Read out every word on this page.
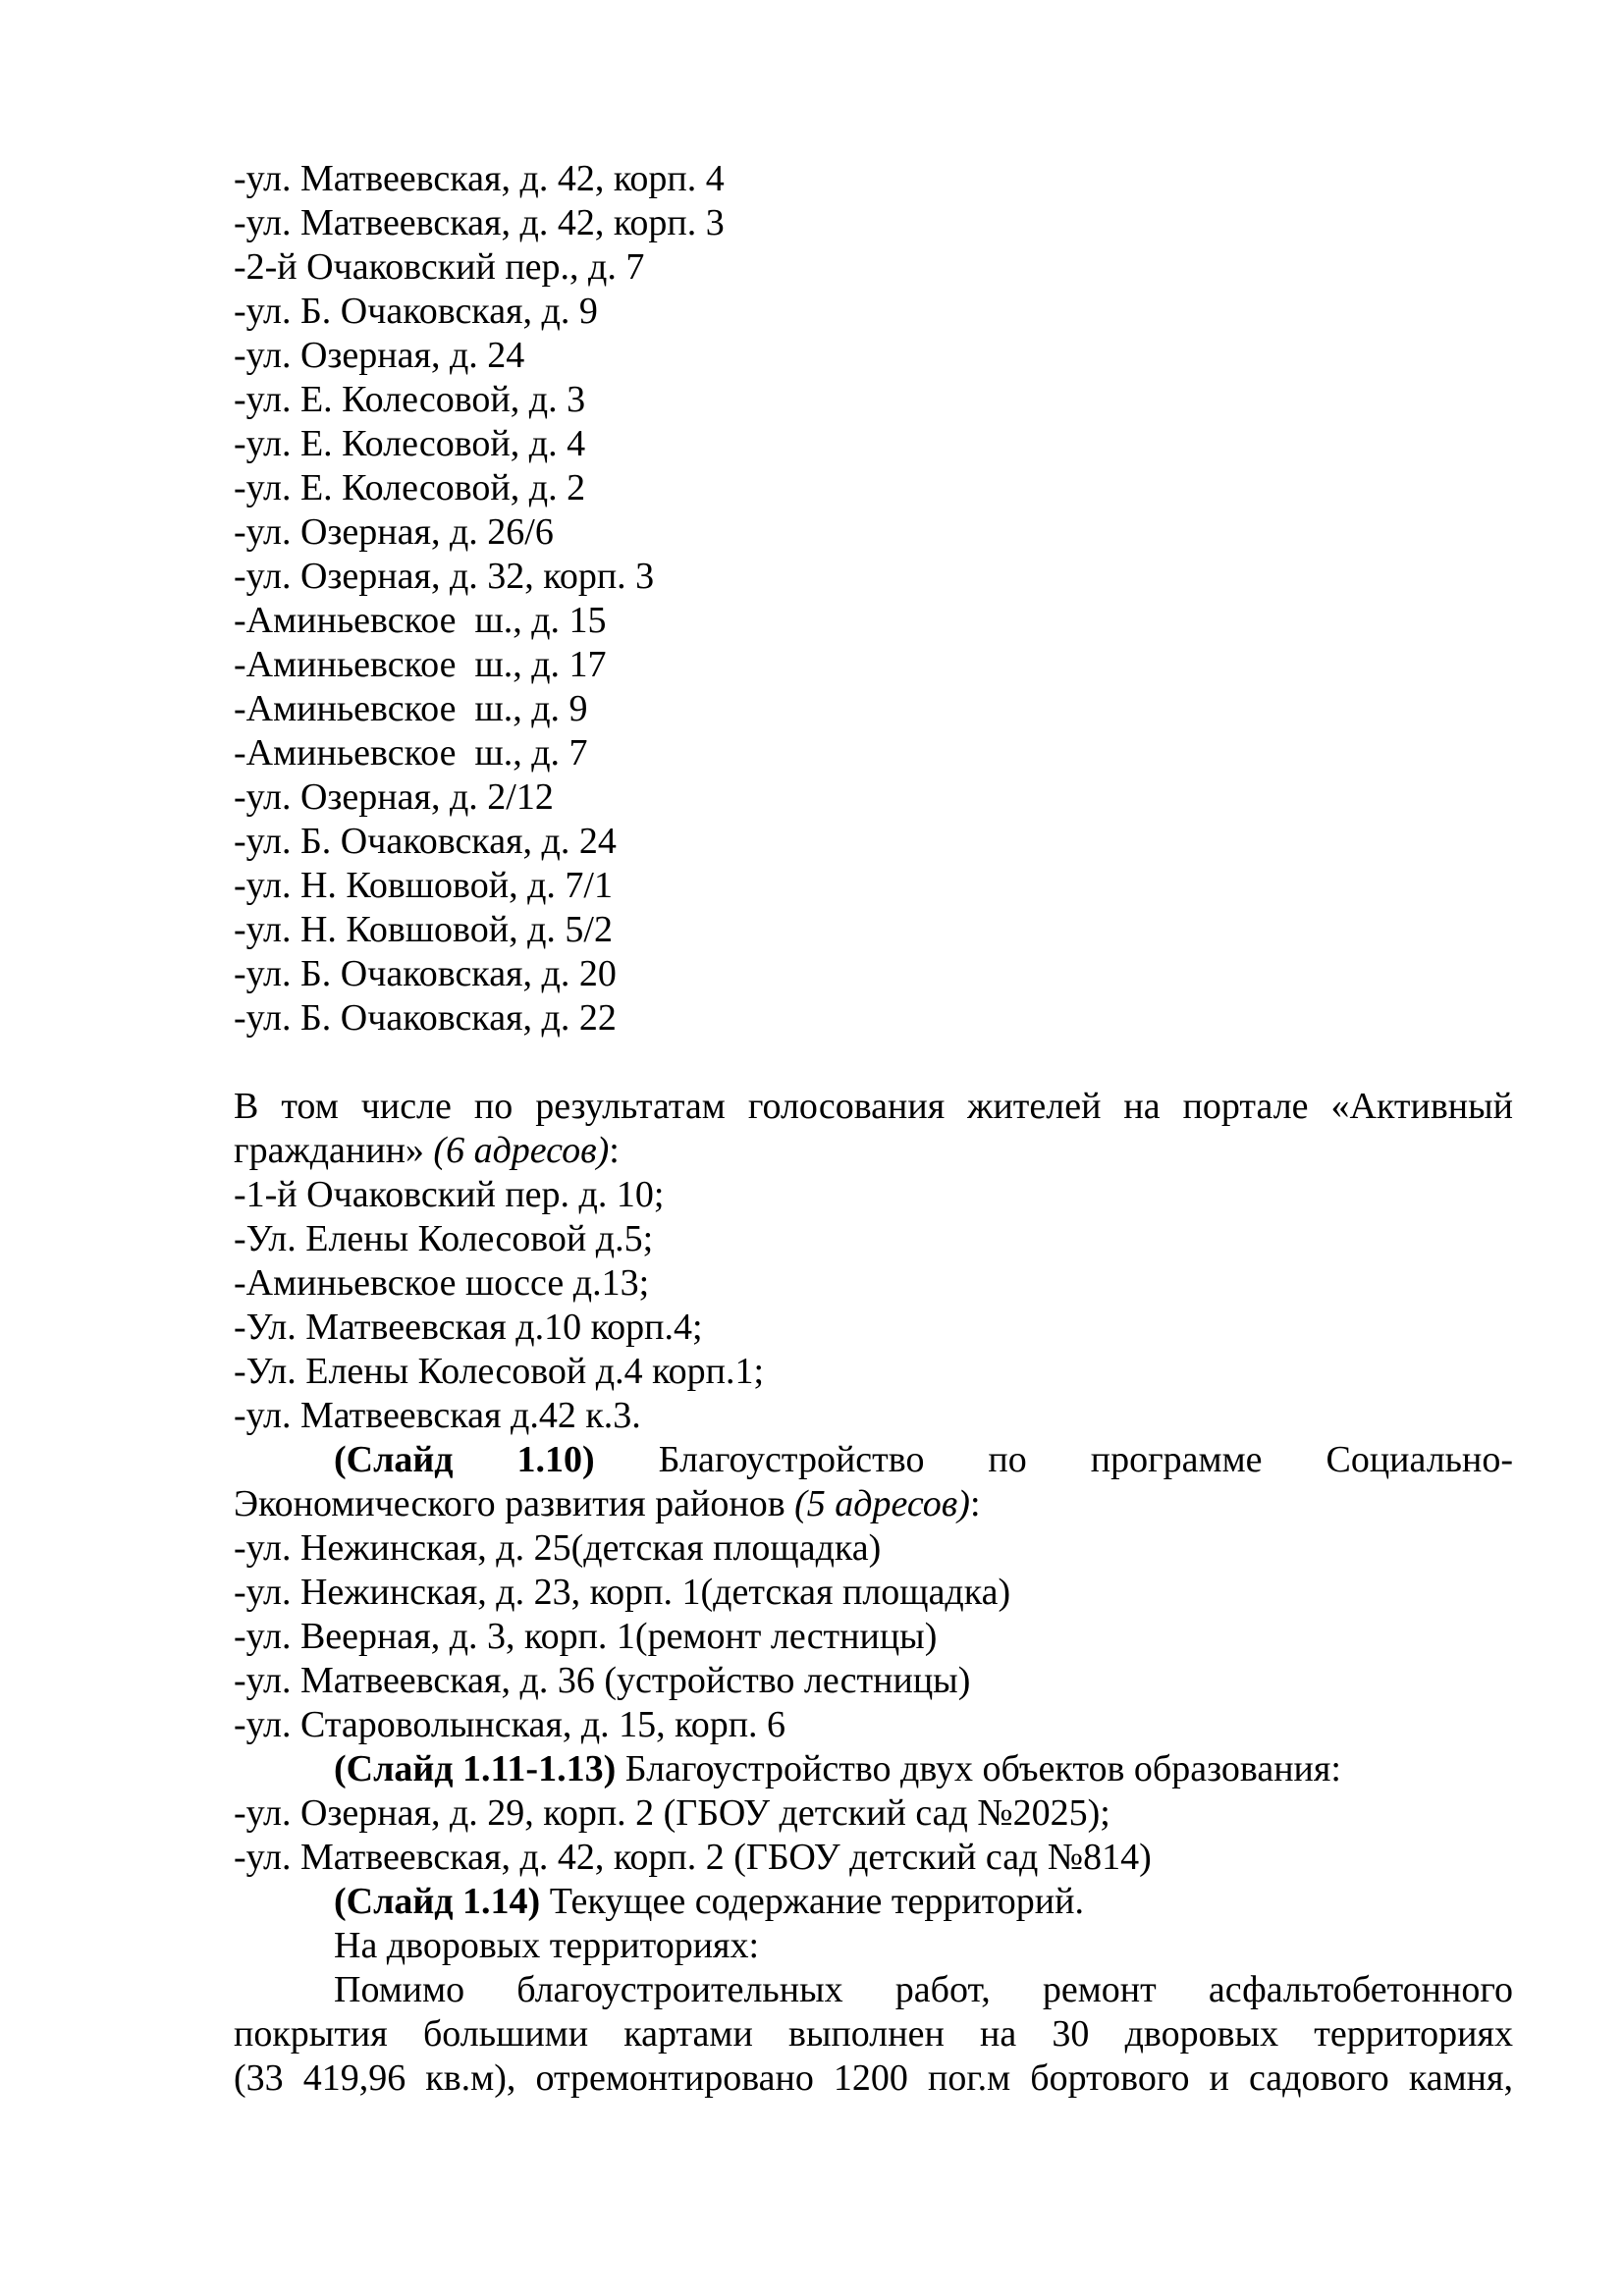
-ул. Матвеевская, д. 42, корп. 4
-ул. Матвеевская, д. 42, корп. 3
-2-й Очаковский пер., д. 7
-ул. Б. Очаковская, д. 9
-ул. Озерная, д. 24
-ул. Е. Колесовой, д. 3
-ул. Е. Колесовой, д. 4
-ул. Е. Колесовой, д. 2
-ул. Озерная, д. 26/6
-ул. Озерная, д. 32, корп. 3
-Аминьевское  ш., д. 15
-Аминьевское  ш., д. 17
-Аминьевское  ш., д. 9
-Аминьевское  ш., д. 7
-ул. Озерная, д. 2/12
-ул. Б. Очаковская, д. 24
-ул. Н. Ковшовой, д. 7/1
-ул. Н. Ковшовой, д. 5/2
-ул. Б. Очаковская, д. 20
-ул. Б. Очаковская, д. 22
В том числе по результатам голосования жителей на портале «Активный
гражданин» (6 адресов):
-1-й Очаковский пер. д. 10;
-Ул. Елены Колесовой д.5;
-Аминьевское шоссе д.13;
-Ул. Матвеевская д.10 корп.4;
-Ул. Елены Колесовой д.4 корп.1;
-ул. Матвеевская д.42 к.3.
(Слайд 1.10) Благоустройство по программе Социально-
Экономического развития районов (5 адресов):
-ул. Нежинская, д. 25(детская площадка)
-ул. Нежинская, д. 23, корп. 1(детская площадка)
-ул. Веерная, д. 3, корп. 1(ремонт лестницы)
-ул. Матвеевская, д. 36 (устройство лестницы)
-ул. Староволынская, д. 15, корп. 6
(Слайд 1.11-1.13) Благоустройство двух объектов образования:
-ул. Озерная, д. 29, корп. 2 (ГБОУ детский сад №2025);
-ул. Матвеевская, д. 42, корп. 2 (ГБОУ детский сад №814)
(Слайд 1.14) Текущее содержание территорий.
На дворовых территориях:
Помимо благоустроительных работ, ремонт асфальтобетонного
покрытия большими картами выполнен на 30 дворовых территориях
(33 419,96 кв.м), отремонтировано 1200 пог.м бортового и садового камня,
